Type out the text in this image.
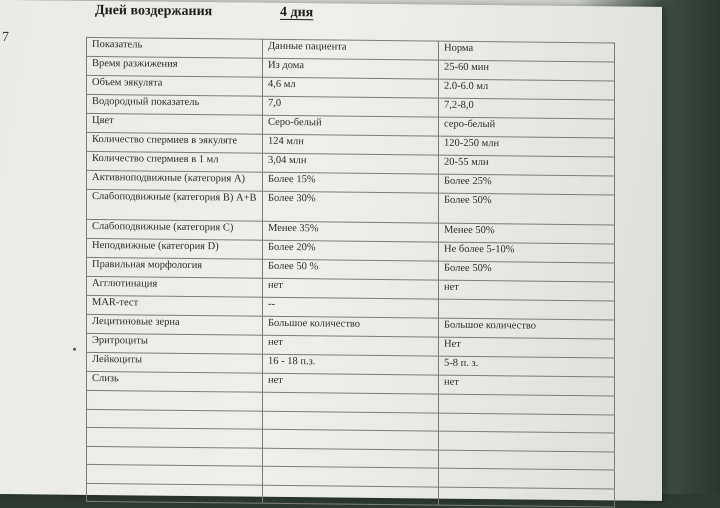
7
Дней воздержания	4 дня
Показатель	Данные пациента	Норма
Время разжижения	Из дома	25-60 мин
Объем эякулята	4,6 мл	2.0-6.0 мл
Водородный показатель	7,0	7,2-8,0
Цвет	Серо-белый	серо-белый
Количество спермиев в эякуляте	124 млн	120-250 млн
Количество спермиев в 1 мл	3,04 млн	20-55 млн
Активноподвижные (категория А)	Более 15%	Более 25%
Слабоподвижные (категория В) А+В	Более 30%	Более 50%
Слабоподвижные (категория С)	Менее 35%	Менее 50%
Неподвижные (категория D)	Более 20%	Не более 5-10%
Правильная морфология	Более 50 %	Более 50%
Агглютинация	нет	нет
MAR-тест	--	
Лецитиновые зерна	Большое количество	Большое количество
Эритроциты	нет	Нет
Лейкоциты	16 - 18 п.з.	5-8 п. з.
Слизь	нет	нет
